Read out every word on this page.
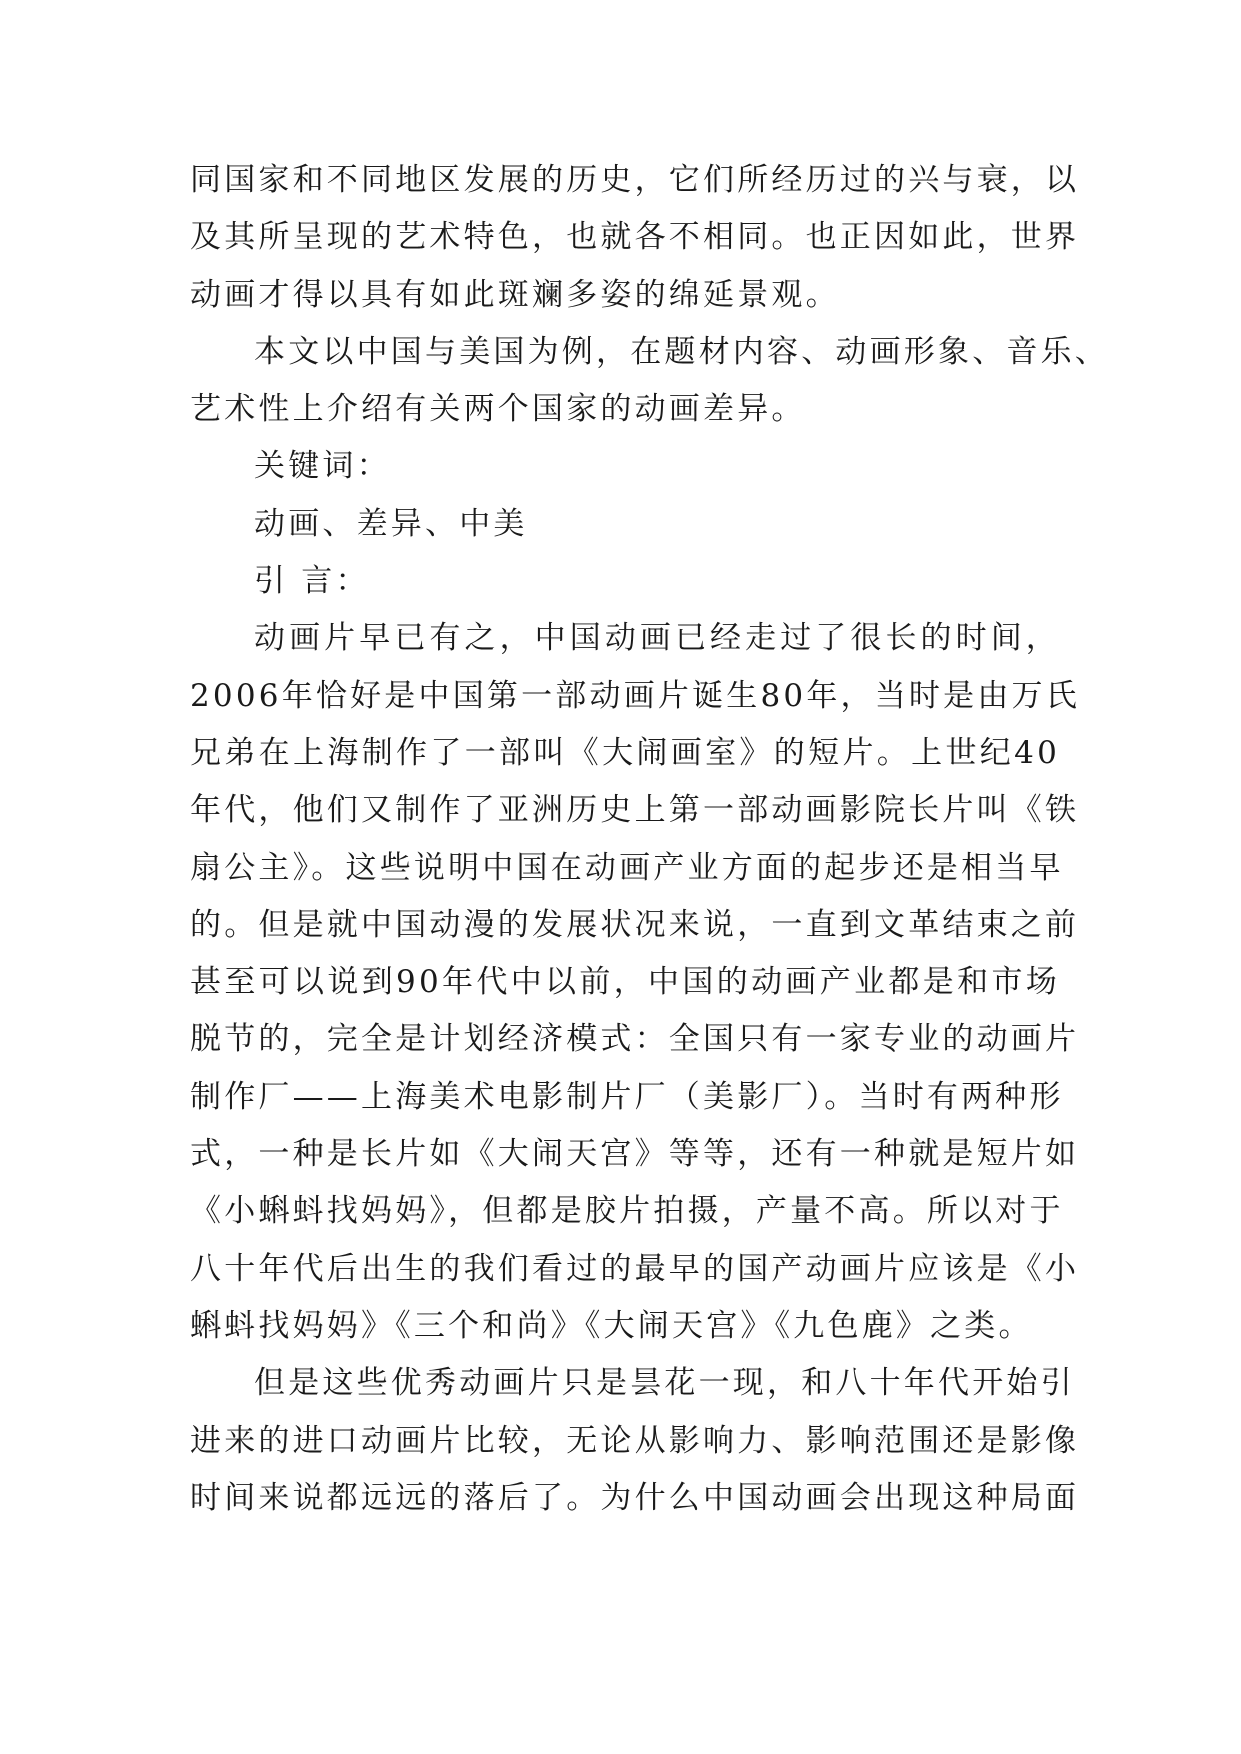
同国家和不同地区发展的历史，它们所经历过的兴与衰，以
及其所呈现的艺术特色，也就各不相同。也正因如此，世界
动画才得以具有如此斑斓多姿的绵延景观。
本文以中国与美国为例，在题材内容、动画形象、音乐、
艺术性上介绍有关两个国家的动画差异。
关键词：
动画、差异、中美
引 言：
动画片早已有之，中国动画已经走过了很长的时间，
2006年恰好是中国第一部动画片诞生80年，当时是由万氏
兄弟在上海制作了一部叫《大闹画室》的短片。上世纪40
年代，他们又制作了亚洲历史上第一部动画影院长片叫《铁
扇公主》。这些说明中国在动画产业方面的起步还是相当早
的。但是就中国动漫的发展状况来说，一直到文革结束之前
甚至可以说到90年代中以前，中国的动画产业都是和市场
脱节的，完全是计划经济模式：全国只有一家专业的动画片
制作厂——上海美术电影制片厂（美影厂）。当时有两种形
式，一种是长片如《大闹天宫》等等，还有一种就是短片如
《小蝌蚪找妈妈》，但都是胶片拍摄，产量不高。所以对于
八十年代后出生的我们看过的最早的国产动画片应该是《小
蝌蚪找妈妈》《三个和尚》《大闹天宫》《九色鹿》之类。
但是这些优秀动画片只是昙花一现，和八十年代开始引
进来的进口动画片比较，无论从影响力、影响范围还是影像
时间来说都远远的落后了。为什么中国动画会出现这种局面
